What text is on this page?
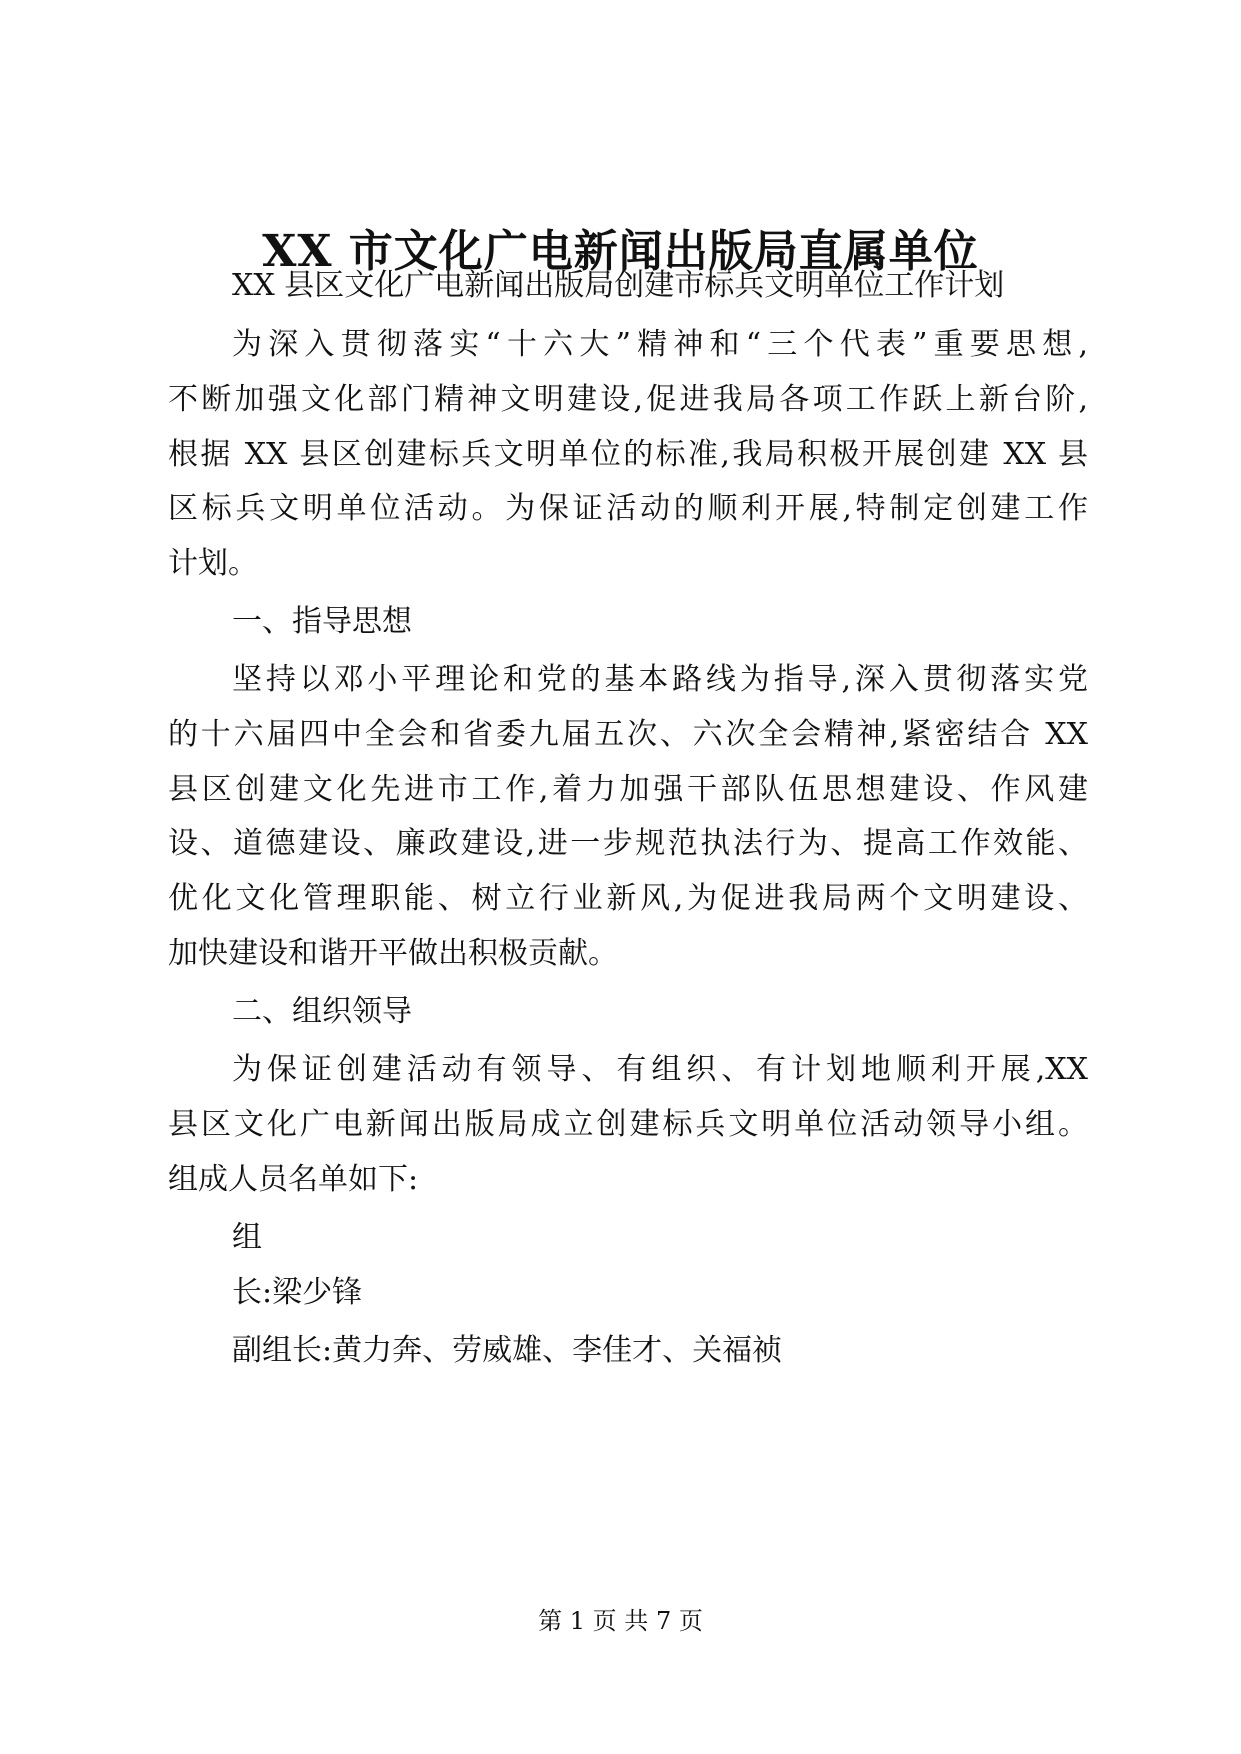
XX 市文化广电新闻出版局直属单位
XX 县区文化广电新闻出版局创建市标兵文明单位工作计划
为深入贯彻落实“十六大”精神和“三个代表”重要思想,
不断加强文化部门精神文明建设,促进我局各项工作跃上新台阶,
根据 XX 县区创建标兵文明单位的标准,我局积极开展创建 XX 县
区标兵文明单位活动。为保证活动的顺利开展,特制定创建工作
计划。
一、指导思想
坚持以邓小平理论和党的基本路线为指导,深入贯彻落实党
的十六届四中全会和省委九届五次、六次全会精神,紧密结合 XX
县区创建文化先进市工作,着力加强干部队伍思想建设、作风建
设、道德建设、廉政建设,进一步规范执法行为、提高工作效能、
优化文化管理职能、树立行业新风,为促进我局两个文明建设、
加快建设和谐开平做出积极贡献。
二、组织领导
为保证创建活动有领导、有组织、有计划地顺利开展,XX
县区文化广电新闻出版局成立创建标兵文明单位活动领导小组。
组成人员名单如下:
组
长:梁少锋
副组长:黄力奔、劳威雄、李佳才、关福祯
第 1 页 共 7 页
